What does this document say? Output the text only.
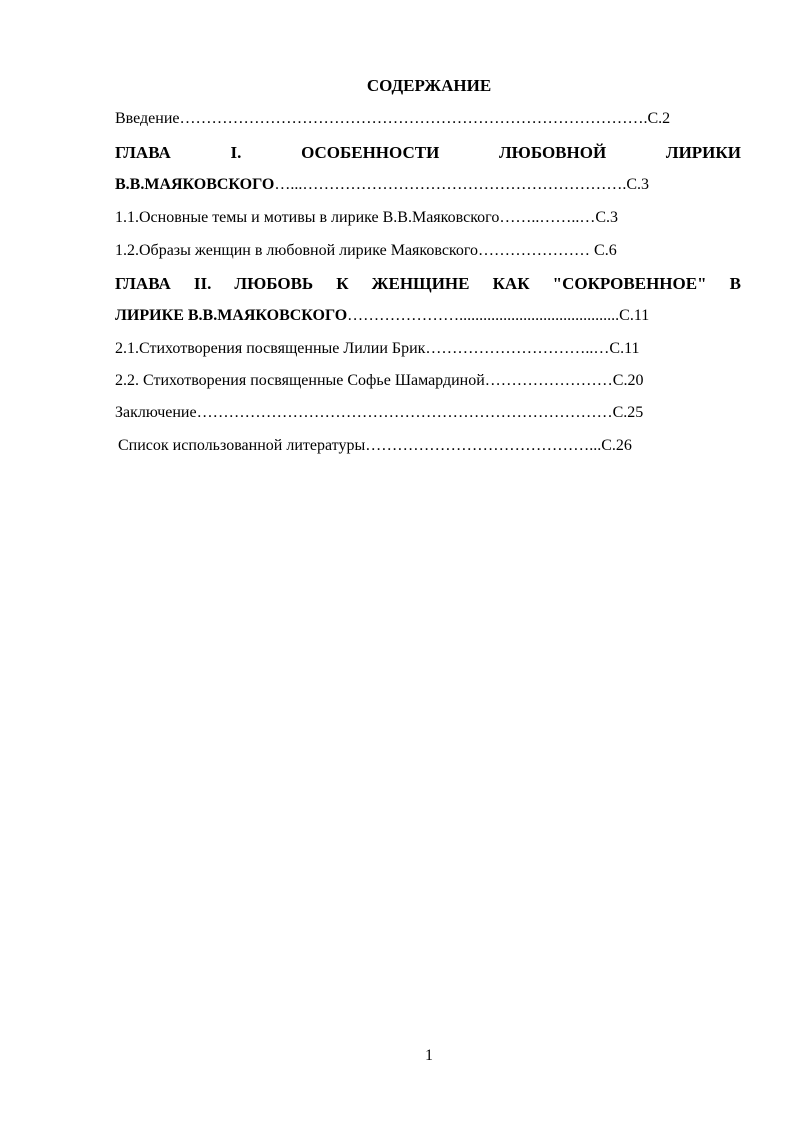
СОДЕРЖАНИЕ
Введение…………………………………………………………………………….С.2
ГЛАВА	I.	ОСОБЕННОСТИ	ЛЮБОВНОЙ	ЛИРИКИ
В.В.МАЯКОВСКОГО…...…………………………………………………….С.3
1.1.Основные темы и мотивы в лирике В.В.Маяковского……..……..…С.3
1.2.Образы женщин в любовной лирике Маяковского………………… С.6
ГЛАВА II. ЛЮБОВЬ К ЖЕНЩИНЕ КАК "СОКРОВЕННОЕ" В
ЛИРИКЕ В.В.МАЯКОВСКОГО…………………........................................С.11
2.1.Стихотворения посвященные Лилии Брик…………………………..…С.11
2.2. Стихотворения посвященные Софье Шамардиной……………………С.20
Заключение……………………………………………………………………С.25
Список использованной литературы……………………………………...С.26
1
